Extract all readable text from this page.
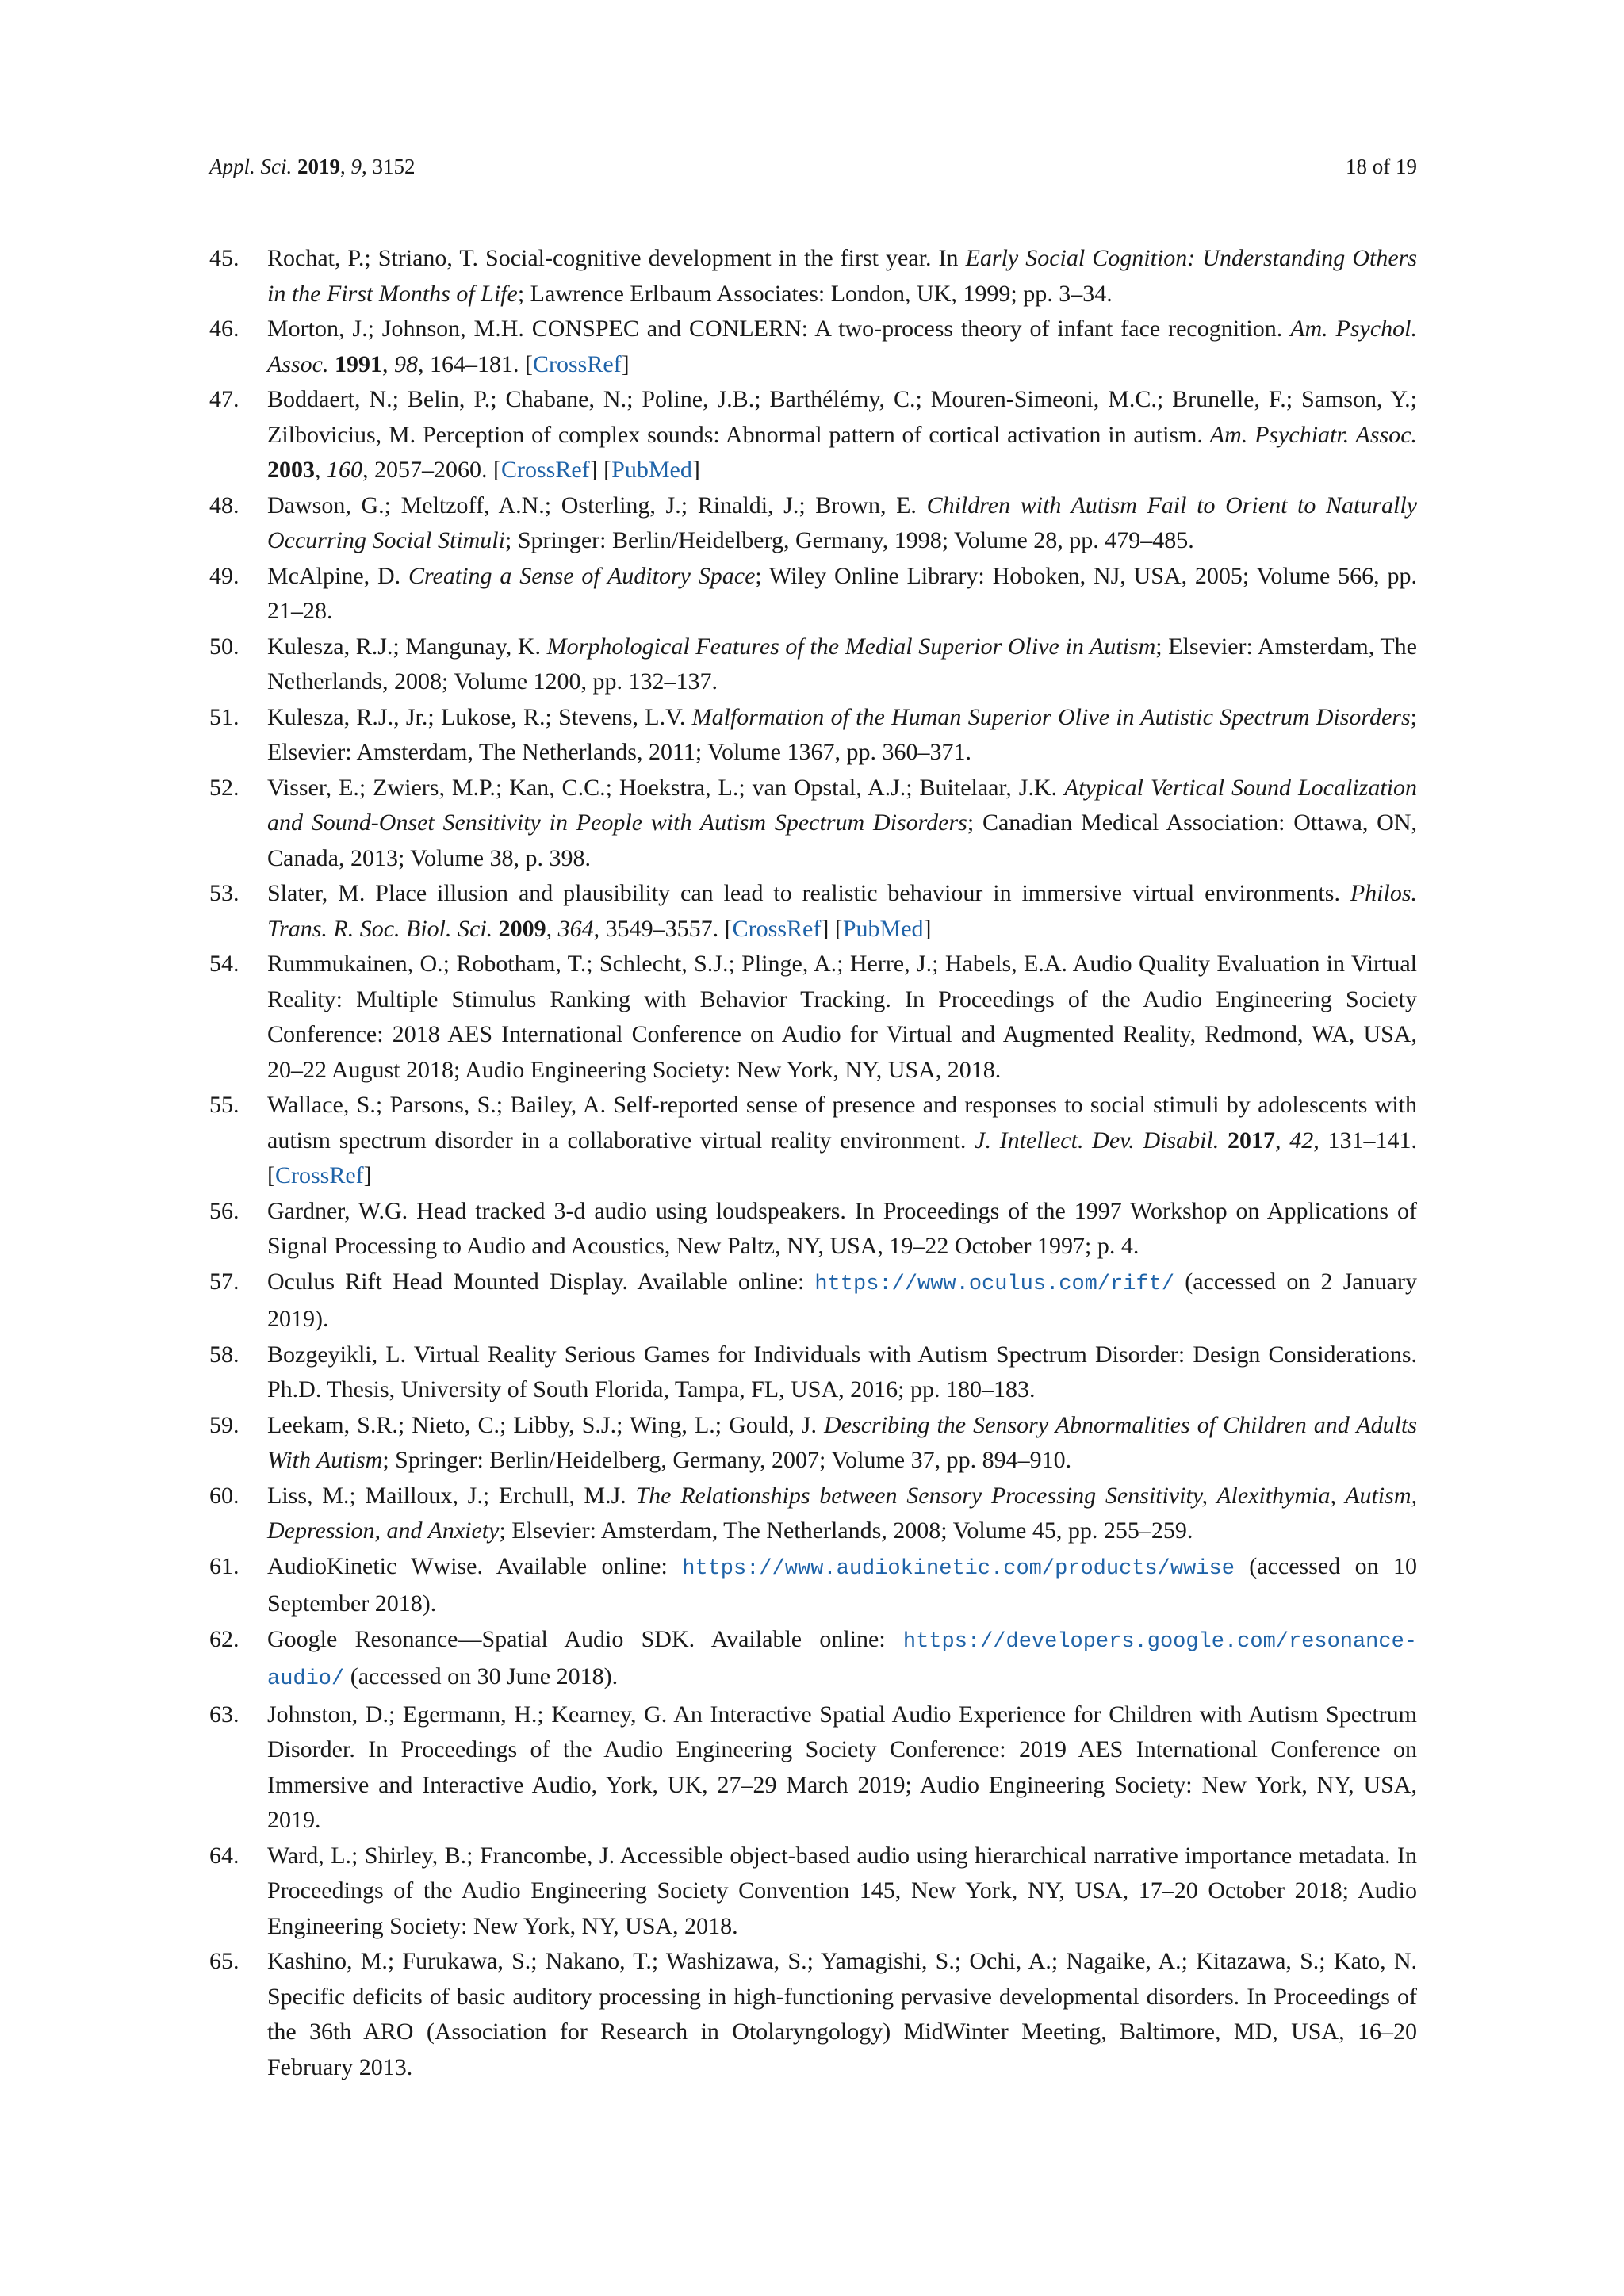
Appl. Sci. 2019, 9, 3152	18 of 19
45. Rochat, P.; Striano, T. Social-cognitive development in the first year. In Early Social Cognition: Understanding Others in the First Months of Life; Lawrence Erlbaum Associates: London, UK, 1999; pp. 3–34.
46. Morton, J.; Johnson, M.H. CONSPEC and CONLERN: A two-process theory of infant face recognition. Am. Psychol. Assoc. 1991, 98, 164–181. [CrossRef]
47. Boddaert, N.; Belin, P.; Chabane, N.; Poline, J.B.; Barthélémy, C.; Mouren-Simeoni, M.C.; Brunelle, F.; Samson, Y.; Zilbovicius, M. Perception of complex sounds: Abnormal pattern of cortical activation in autism. Am. Psychiatr. Assoc. 2003, 160, 2057–2060. [CrossRef] [PubMed]
48. Dawson, G.; Meltzoff, A.N.; Osterling, J.; Rinaldi, J.; Brown, E. Children with Autism Fail to Orient to Naturally Occurring Social Stimuli; Springer: Berlin/Heidelberg, Germany, 1998; Volume 28, pp. 479–485.
49. McAlpine, D. Creating a Sense of Auditory Space; Wiley Online Library: Hoboken, NJ, USA, 2005; Volume 566, pp. 21–28.
50. Kulesza, R.J.; Mangunay, K. Morphological Features of the Medial Superior Olive in Autism; Elsevier: Amsterdam, The Netherlands, 2008; Volume 1200, pp. 132–137.
51. Kulesza, R.J., Jr.; Lukose, R.; Stevens, L.V. Malformation of the Human Superior Olive in Autistic Spectrum Disorders; Elsevier: Amsterdam, The Netherlands, 2011; Volume 1367, pp. 360–371.
52. Visser, E.; Zwiers, M.P.; Kan, C.C.; Hoekstra, L.; van Opstal, A.J.; Buitelaar, J.K. Atypical Vertical Sound Localization and Sound-Onset Sensitivity in People with Autism Spectrum Disorders; Canadian Medical Association: Ottawa, ON, Canada, 2013; Volume 38, p. 398.
53. Slater, M. Place illusion and plausibility can lead to realistic behaviour in immersive virtual environments. Philos. Trans. R. Soc. Biol. Sci. 2009, 364, 3549–3557. [CrossRef] [PubMed]
54. Rummukainen, O.; Robotham, T.; Schlecht, S.J.; Plinge, A.; Herre, J.; Habels, E.A. Audio Quality Evaluation in Virtual Reality: Multiple Stimulus Ranking with Behavior Tracking. In Proceedings of the Audio Engineering Society Conference: 2018 AES International Conference on Audio for Virtual and Augmented Reality, Redmond, WA, USA, 20–22 August 2018; Audio Engineering Society: New York, NY, USA, 2018.
55. Wallace, S.; Parsons, S.; Bailey, A. Self-reported sense of presence and responses to social stimuli by adolescents with autism spectrum disorder in a collaborative virtual reality environment. J. Intellect. Dev. Disabil. 2017, 42, 131–141. [CrossRef]
56. Gardner, W.G. Head tracked 3-d audio using loudspeakers. In Proceedings of the 1997 Workshop on Applications of Signal Processing to Audio and Acoustics, New Paltz, NY, USA, 19–22 October 1997; p. 4.
57. Oculus Rift Head Mounted Display. Available online: https://www.oculus.com/rift/ (accessed on 2 January 2019).
58. Bozgeyikli, L. Virtual Reality Serious Games for Individuals with Autism Spectrum Disorder: Design Considerations. Ph.D. Thesis, University of South Florida, Tampa, FL, USA, 2016; pp. 180–183.
59. Leekam, S.R.; Nieto, C.; Libby, S.J.; Wing, L.; Gould, J. Describing the Sensory Abnormalities of Children and Adults With Autism; Springer: Berlin/Heidelberg, Germany, 2007; Volume 37, pp. 894–910.
60. Liss, M.; Mailloux, J.; Erchull, M.J. The Relationships between Sensory Processing Sensitivity, Alexithymia, Autism, Depression, and Anxiety; Elsevier: Amsterdam, The Netherlands, 2008; Volume 45, pp. 255–259.
61. AudioKinetic Wwise. Available online: https://www.audiokinetic.com/products/wwise (accessed on 10 September 2018).
62. Google Resonance—Spatial Audio SDK. Available online: https://developers.google.com/resonance-audio/ (accessed on 30 June 2018).
63. Johnston, D.; Egermann, H.; Kearney, G. An Interactive Spatial Audio Experience for Children with Autism Spectrum Disorder. In Proceedings of the Audio Engineering Society Conference: 2019 AES International Conference on Immersive and Interactive Audio, York, UK, 27–29 March 2019; Audio Engineering Society: New York, NY, USA, 2019.
64. Ward, L.; Shirley, B.; Francombe, J. Accessible object-based audio using hierarchical narrative importance metadata. In Proceedings of the Audio Engineering Society Convention 145, New York, NY, USA, 17–20 October 2018; Audio Engineering Society: New York, NY, USA, 2018.
65. Kashino, M.; Furukawa, S.; Nakano, T.; Washizawa, S.; Yamagishi, S.; Ochi, A.; Nagaike, A.; Kitazawa, S.; Kato, N. Specific deficits of basic auditory processing in high-functioning pervasive developmental disorders. In Proceedings of the 36th ARO (Association for Research in Otolaryngology) MidWinter Meeting, Baltimore, MD, USA, 16–20 February 2013.
